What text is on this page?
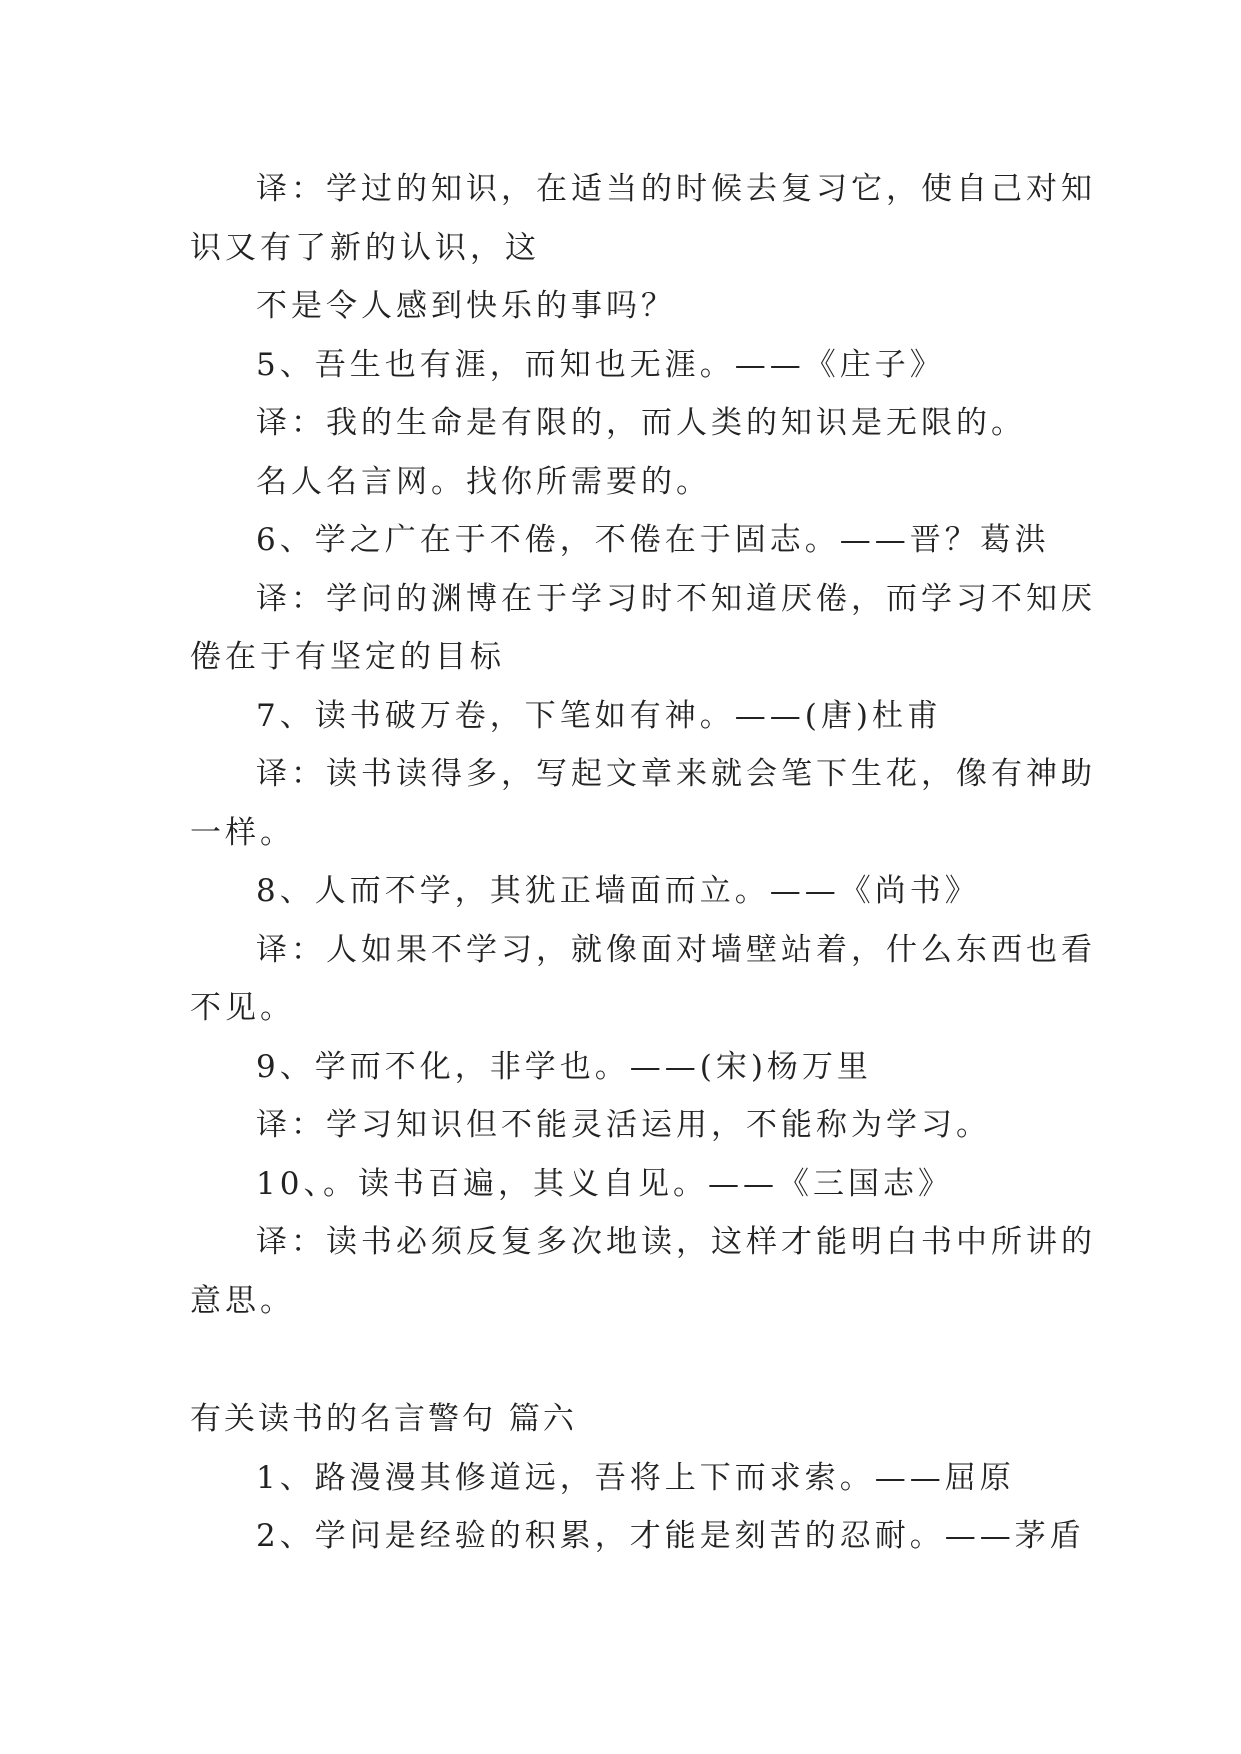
译：学过的知识，在适当的时候去复习它，使自己对知
识又有了新的认识，这
不是令人感到快乐的事吗？
5、吾生也有涯，而知也无涯。——《庄子》
译：我的生命是有限的，而人类的知识是无限的。
名人名言网。找你所需要的。
6、学之广在于不倦，不倦在于固志。——晋？葛洪
译：学问的渊博在于学习时不知道厌倦，而学习不知厌
倦在于有坚定的目标
7、读书破万卷，下笔如有神。——(唐)杜甫
译：读书读得多，写起文章来就会笔下生花，像有神助
一样。
8、人而不学，其犹正墙面而立。——《尚书》
译：人如果不学习，就像面对墙壁站着，什么东西也看
不见。
9、学而不化，非学也。——(宋)杨万里
译：学习知识但不能灵活运用，不能称为学习。
10、。读书百遍，其义自见。——《三国志》
译：读书必须反复多次地读，这样才能明白书中所讲的
意思。
有关读书的名言警句 篇六
1、路漫漫其修道远，吾将上下而求索。——屈原
2、学问是经验的积累，才能是刻苦的忍耐。——茅盾
